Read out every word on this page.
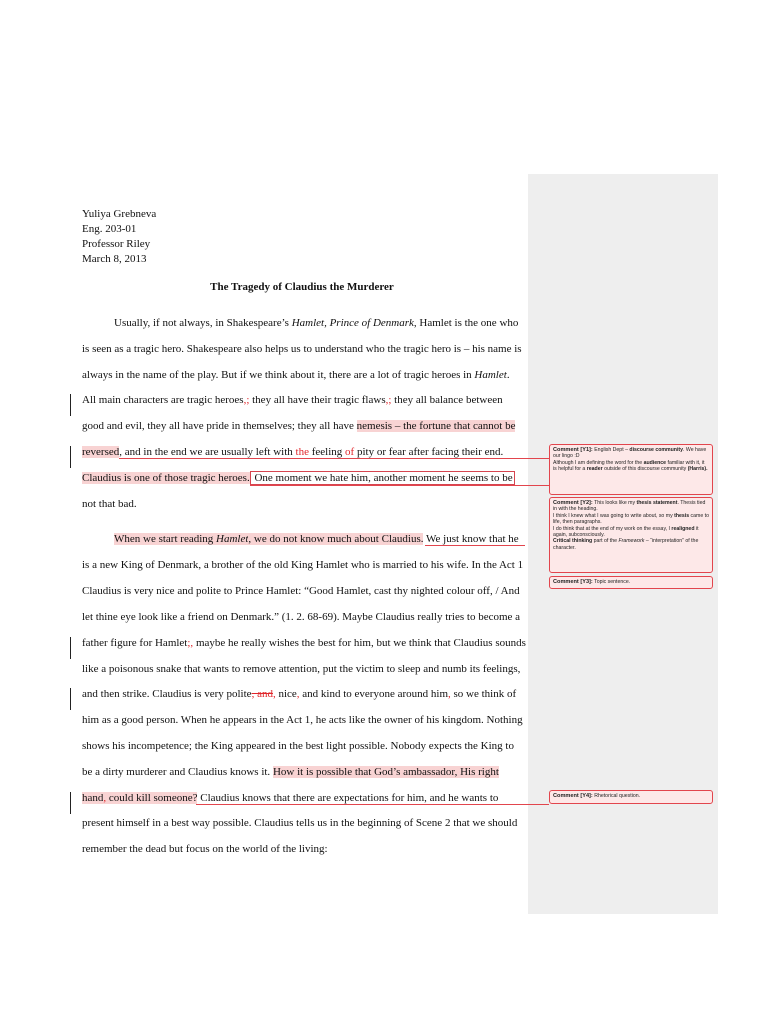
Yuliya Grebneva
Eng. 203-01
Professor Riley
March 8, 2013
The Tragedy of Claudius the Murderer
Usually, if not always, in Shakespeare’s Hamlet, Prince of Denmark, Hamlet is the one who
is seen as a tragic hero. Shakespeare also helps us to understand who the tragic hero is – his name is
always in the name of the play. But if we think about it, there are a lot of tragic heroes in Hamlet.
All main characters are tragic heroes,; they all have their tragic flaws,; they all balance between
good and evil, they all have pride in themselves; they all have nemesis – the fortune that cannot be
reversed, and in the end we are usually left with the feeling of pity or fear after facing their end.
Claudius is one of those tragic heroes. One moment we hate him, another moment he seems to be
not that bad.
When we start reading Hamlet, we do not know much about Claudius. We just know that he
is a new King of Denmark, a brother of the old King Hamlet who is married to his wife. In the Act 1
Claudius is very nice and polite to Prince Hamlet: “Good Hamlet, cast thy nighted colour off, / And
let thine eye look like a friend on Denmark.” (1. 2. 68-69). Maybe Claudius really tries to become a
father figure for Hamlet;, maybe he really wishes the best for him, but we think that Claudius sounds
like a poisonous snake that wants to remove attention, put the victim to sleep and numb its feelings,
and then strike. Claudius is very polite, and, nice, and kind to everyone around him, so we think of
him as a good person. When he appears in the Act 1, he acts like the owner of his kingdom. Nothing
shows his incompetence; the King appeared in the best light possible. Nobody expects the King to
be a dirty murderer and Claudius knows it. How it is possible that God’s ambassador, His right
hand, could kill someone? Claudius knows that there are expectations for him, and he wants to
present himself in a best way possible. Claudius tells us in the beginning of Scene 2 that we should
remember the dead but focus on the world of the living:
Comment [Y1]: English Dept – discourse community. We have our lingo :D
Although I am defining the word for the audience familiar with it, it is helpful for a reader outside of this discourse community (Harris).
Comment [Y2]: This looks like my thesis statement. Thesis tied in with the heading.
I think I knew what I was going to write about, so my thesis came to life, then paragraphs.
I do think that at the end of my work on the essay, I realigned it again, subconsciously.
Critical thinking part of the Framework – “interpretation” of the character.
Comment [Y3]: Topic sentence.
Comment [Y4]: Rhetorical question.
